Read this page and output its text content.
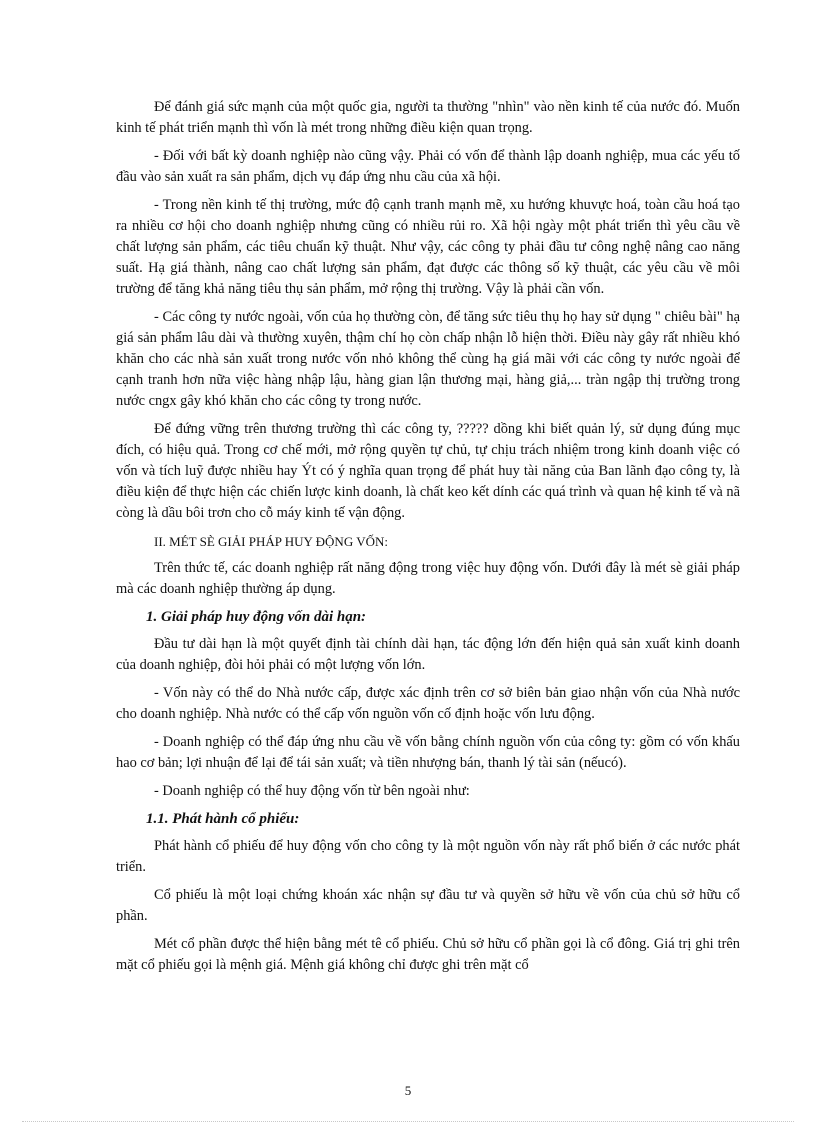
Để đánh giá sức mạnh của một quốc gia, người ta thường "nhìn" vào nền kinh tế của nước đó. Muốn kinh tế phát triển mạnh thì vốn là mét trong những điều kiện quan trọng.

- Đối với bất kỳ doanh nghiệp nào cũng vậy. Phải có vốn để thành lập doanh nghiệp, mua các yếu tố đầu vào sản xuất ra sản phẩm, dịch vụ đáp ứng nhu cầu của xã hội.

- Trong nền kinh tế thị trường, mức độ cạnh tranh mạnh mẽ, xu hướng khuvực hoá, toàn cầu hoá tạo ra nhiều cơ hội cho doanh nghiệp nhưng cũng có nhiều rủi ro. Xã hội ngày một phát triển thì yêu cầu về chất lượng sản phẩm, các tiêu chuẩn kỹ thuật. Như vậy, các công ty phải đầu tư công nghệ nâng cao năng suất. Hạ giá thành, nâng cao chất lượng sản phẩm, đạt được các thông số kỹ thuật, các yêu cầu về môi trường để tăng khả năng tiêu thụ sản phẩm, mở rộng thị trường. Vậy là phải cần vốn.

- Các công ty nước ngoài, vốn của họ thường còn, để tăng sức tiêu thụ họ hay sử dụng " chiêu bài" hạ giá sản phẩm lâu dài và thường xuyên, thậm chí họ còn chấp nhận lỗ hiện thời. Điều này gây rất nhiều khó khăn cho các nhà sản xuất trong nước vốn nhỏ không thể cùng hạ giá mãi với các công ty nước ngoài để cạnh tranh hơn nữa việc hàng nhập lậu, hàng gian lận thương mại, hàng giả,... tràn ngập thị trường trong nước cngx gây khó khăn cho các công ty trong nước.

Để đứng vững trên thương trường thì các công ty, ????? dồng khi biết quản lý, sử dụng đúng mục đích, có hiệu quả. Trong cơ chế mới, mở rộng quyền tự chủ, tự chịu trách nhiệm trong kinh doanh việc có vốn và tích luỹ được nhiều hay Ýt có ý nghĩa quan trọng để phát huy tài năng của Ban lãnh đạo công ty, là điều kiện để thực hiện các chiến lược kinh doanh, là chất keo kết dính các quá trình và quan hệ kinh tế và nã còng là dầu bôi trơn cho cỗ máy kinh tế vận động.

II. MÉT SÈ GIẢI PHÁP HUY ĐỘNG VỐN:

Trên thức tế, các doanh nghiệp rất năng động trong việc huy động vốn. Dưới đây là mét sè giải pháp mà các doanh nghiệp thường áp dụng.

1. Giải pháp huy động vốn dài hạn:

Đầu tư dài hạn là một quyết định tài chính dài hạn, tác động lớn đến hiện quả sản xuất kinh doanh của doanh nghiệp, đòi hỏi phải có một lượng vốn lớn.

- Vốn này có thể do Nhà nước cấp, được xác định trên cơ sở biên bản giao nhận vốn của Nhà nước cho doanh nghiệp. Nhà nước có thể cấp vốn nguồn vốn cố định hoặc vốn lưu động.

- Doanh nghiệp có thể đáp ứng nhu cầu về vốn bằng chính nguồn vốn của công ty: gồm có vốn khấu hao cơ bản; lợi nhuận để lại để tái sản xuất; và tiền nhượng bán, thanh lý tài sản (nếucó).

- Doanh nghiệp có thể huy động vốn từ bên ngoài như:

1.1. Phát hành cổ phiếu:

Phát hành cổ phiếu để huy động vốn cho công ty là một nguồn vốn này rất phổ biến ở các nước phát triển.

Cổ phiếu là một loại chứng khoán xác nhận sự đầu tư và quyền sở hữu về vốn của chủ sở hữu cổ phần.

Mét cổ phần được thể hiện bằng mét tê cổ phiếu. Chủ sở hữu cổ phần gọi là cổ đông. Giá trị ghi trên mặt cổ phiếu gọi là mệnh giá. Mệnh giá không chỉ được ghi trên mặt cổ

5
